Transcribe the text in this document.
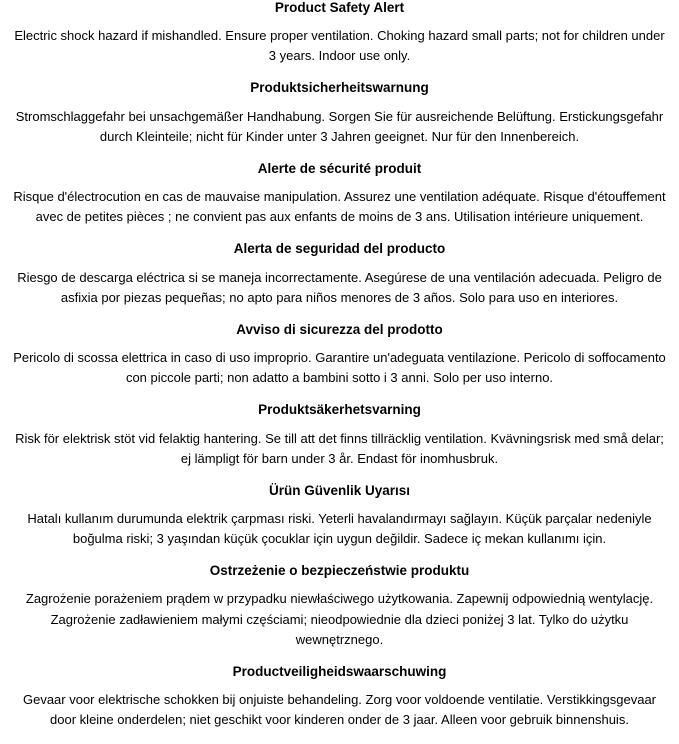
Product Safety Alert
Electric shock hazard if mishandled. Ensure proper ventilation. Choking hazard small parts; not for children under 3 years. Indoor use only.
Produktsicherheitswarnung
Stromschlaggefahr bei unsachgemäßer Handhabung. Sorgen Sie für ausreichende Belüftung. Erstickungsgefahr durch Kleinteile; nicht für Kinder unter 3 Jahren geeignet. Nur für den Innenbereich.
Alerte de sécurité produit
Risque d'électrocution en cas de mauvaise manipulation. Assurez une ventilation adéquate. Risque d'étouffement avec de petites pièces ; ne convient pas aux enfants de moins de 3 ans. Utilisation intérieure uniquement.
Alerta de seguridad del producto
Riesgo de descarga eléctrica si se maneja incorrectamente. Asegúrese de una ventilación adecuada. Peligro de asfixia por piezas pequeñas; no apto para niños menores de 3 años. Solo para uso en interiores.
Avviso di sicurezza del prodotto
Pericolo di scossa elettrica in caso di uso improprio. Garantire un'adeguata ventilazione. Pericolo di soffocamento con piccole parti; non adatto a bambini sotto i 3 anni. Solo per uso interno.
Produktsäkerhetsvarning
Risk för elektrisk stöt vid felaktig hantering. Se till att det finns tillräcklig ventilation. Kvävningsrisk med små delar; ej lämpligt för barn under 3 år. Endast för inomhusbruk.
Ürün Güvenlik Uyarısı
Hatalı kullanım durumunda elektrik çarpması riski. Yeterli havalandırmayı sağlayın. Küçük parçalar nedeniyle boğulma riski; 3 yaşından küçük çocuklar için uygun değildir. Sadece iç mekan kullanımı için.
Ostrzeżenie o bezpieczeństwie produktu
Zagrożenie porażeniem prądem w przypadku niewłaściwego użytkowania. Zapewnij odpowiednią wentylację. Zagrożenie zadławieniem małymi częściami; nieodpowiednie dla dzieci poniżej 3 lat. Tylko do użytku wewnętrznego.
Productveiligheidswaarschuwing
Gevaar voor elektrische schokken bij onjuiste behandeling. Zorg voor voldoende ventilatie. Verstikkingsgevaar door kleine onderdelen; niet geschikt voor kinderen onder de 3 jaar. Alleen voor gebruik binnenshuis.
